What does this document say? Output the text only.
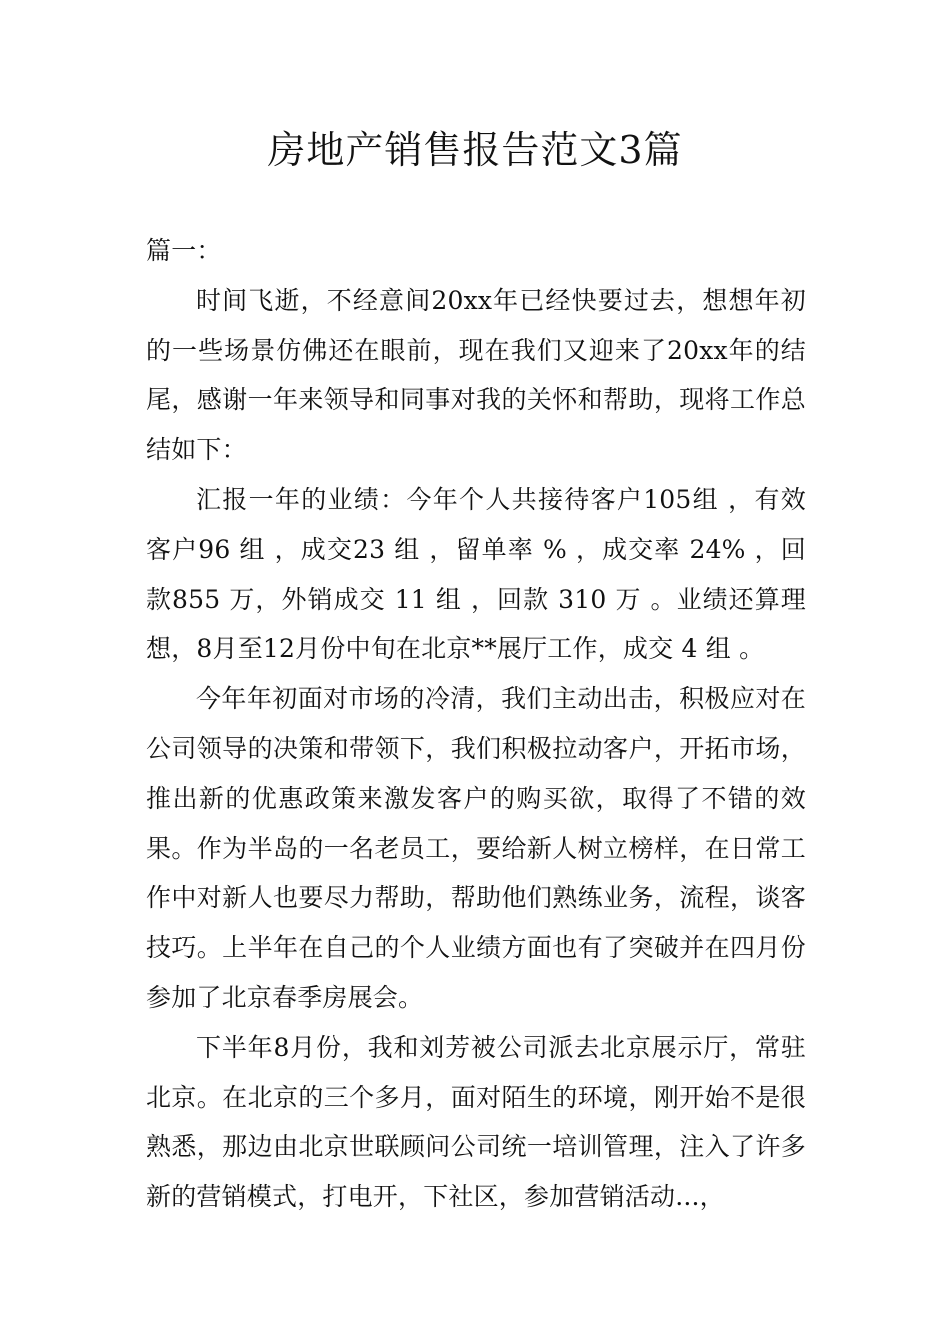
房地产销售报告范文3篇

篇一：

时间飞逝，不经意间20xx年已经快要过去，想想年初的一些场景仿佛还在眼前，现在我们又迎来了20xx年的结尾，感谢一年来领导和同事对我的关怀和帮助，现将工作总结如下：

汇报一年的业绩：今年个人共接待客户105组 ，有效客户96 组 ，成交23 组 ，留单率 % ，成交率 24% ，回款855 万，外销成交 11 组 ，回款 310 万 。业绩还算理想，8月至12月份中旬在北京**展厅工作，成交 4 组 。

今年年初面对市场的冷清，我们主动出击，积极应对在公司领导的决策和带领下，我们积极拉动客户，开拓市场，推出新的优惠政策来激发客户的购买欲，取得了不错的效果。作为半岛的一名老员工，要给新人树立榜样，在日常工作中对新人也要尽力帮助，帮助他们熟练业务，流程，谈客技巧。上半年在自己的个人业绩方面也有了突破并在四月份参加了北京春季房展会。

下半年8月份，我和刘芳被公司派去北京展示厅，常驻北京。在北京的三个多月，面对陌生的环境，刚开始不是很熟悉，那边由北京世联顾问公司统一培训管理，注入了许多新的营销模式，打电开，下社区，参加营销活动...，
